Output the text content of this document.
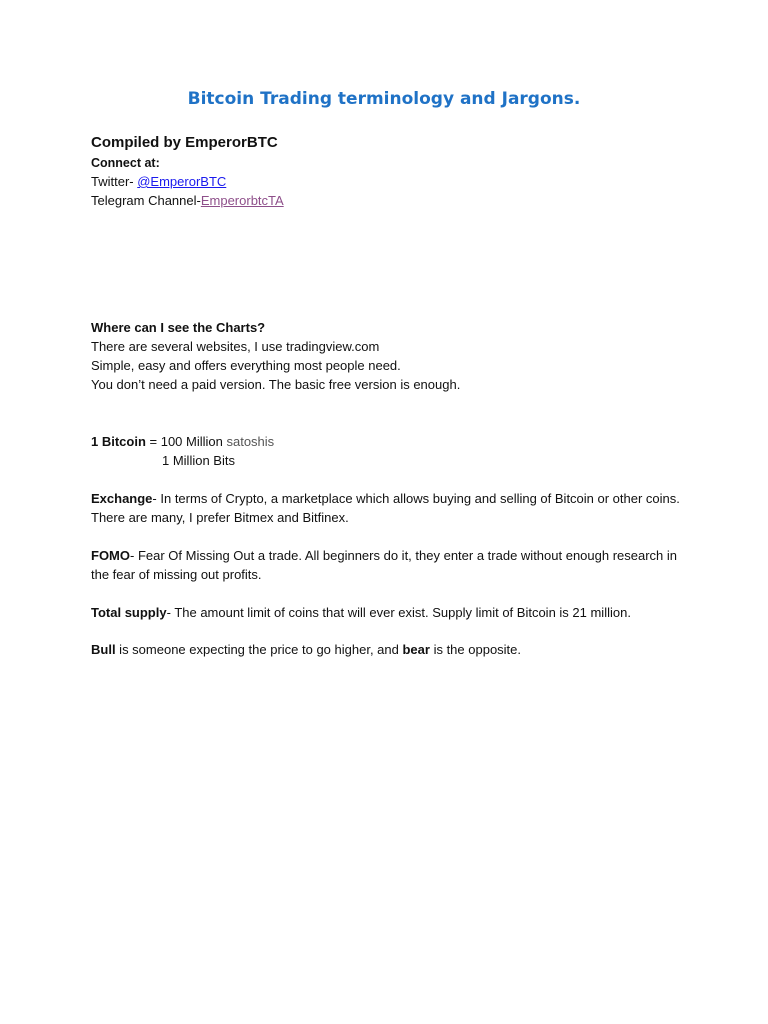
Bitcoin Trading terminology and Jargons.
Compiled by EmperorBTC
Connect at:
Twitter- @EmperorBTC
Telegram Channel-EmperorbtcTA
Where can I see the Charts?
There are several websites, I use tradingview.com
Simple, easy and offers everything most people need.
You don’t need a paid version. The basic free version is enough.
1 Bitcoin = 100 Million satoshis
1 Million Bits

Exchange- In terms of Crypto, a marketplace which allows buying and selling of Bitcoin or other coins. There are many, I prefer Bitmex and Bitfinex.

FOMO- Fear Of Missing Out a trade. All beginners do it, they enter a trade without enough research in the fear of missing out profits.

Total supply- The amount limit of coins that will ever exist. Supply limit of Bitcoin is 21 million.

Bull is someone expecting the price to go higher, and bear is the opposite.
